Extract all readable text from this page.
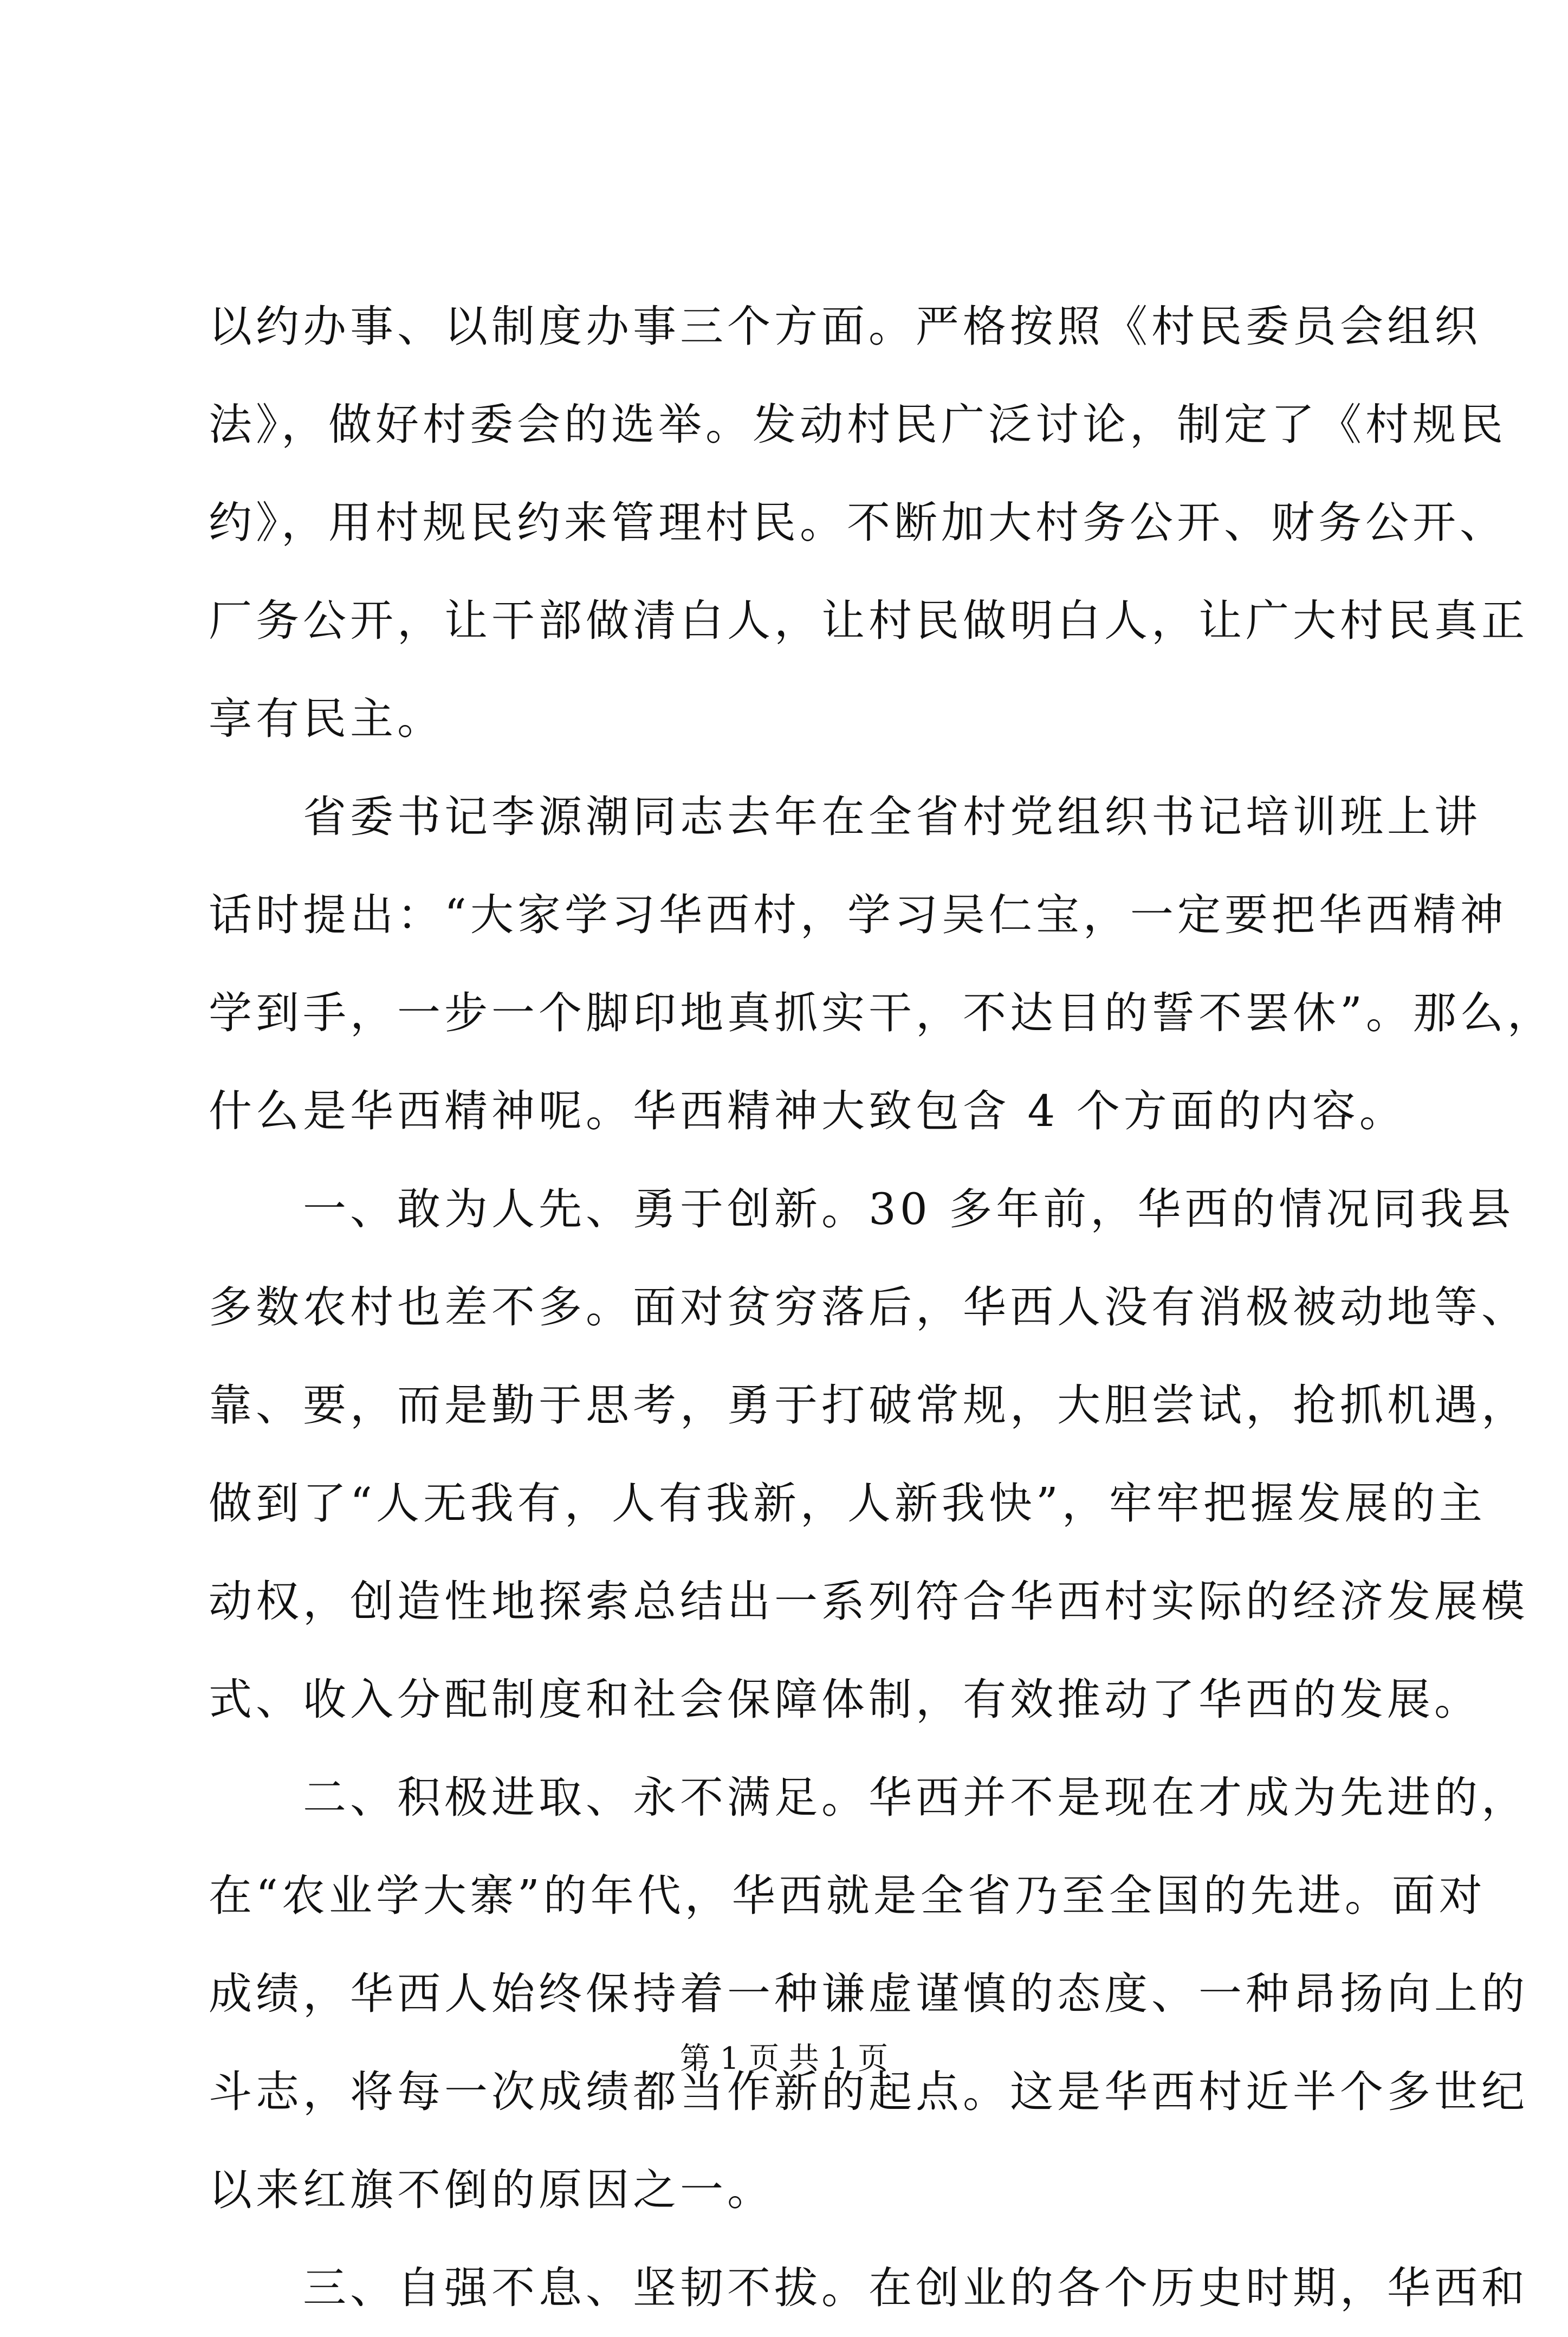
以约办事、以制度办事三个方面。严格按照《村民委员会组织
法》，做好村委会的选举。发动村民广泛讨论，制定了《村规民
约》，用村规民约来管理村民。不断加大村务公开、财务公开、
厂务公开，让干部做清白人，让村民做明白人，让广大村民真正
享有民主。
　　省委书记李源潮同志去年在全省村党组织书记培训班上讲
话时提出：“大家学习华西村，学习吴仁宝，一定要把华西精神
学到手，一步一个脚印地真抓实干，不达目的誓不罢休”。那么，
什么是华西精神呢。华西精神大致包含 4 个方面的内容。
　　一、敢为人先、勇于创新。30 多年前，华西的情况同我县
多数农村也差不多。面对贫穷落后，华西人没有消极被动地等、
靠、要，而是勤于思考，勇于打破常规，大胆尝试，抢抓机遇，
做到了“人无我有，人有我新，人新我快”，牢牢把握发展的主
动权，创造性地探索总结出一系列符合华西村实际的经济发展模
式、收入分配制度和社会保障体制，有效推动了华西的发展。
　　二、积极进取、永不满足。华西并不是现在才成为先进的，
在“农业学大寨”的年代，华西就是全省乃至全国的先进。面对
成绩，华西人始终保持着一种谦虚谨慎的态度、一种昂扬向上的
斗志，将每一次成绩都当作新的起点。这是华西村近半个多世纪
以来红旗不倒的原因之一。
　　三、自强不息、坚韧不拔。在创业的各个历史时期，华西和
第 1 页 共 1 页
